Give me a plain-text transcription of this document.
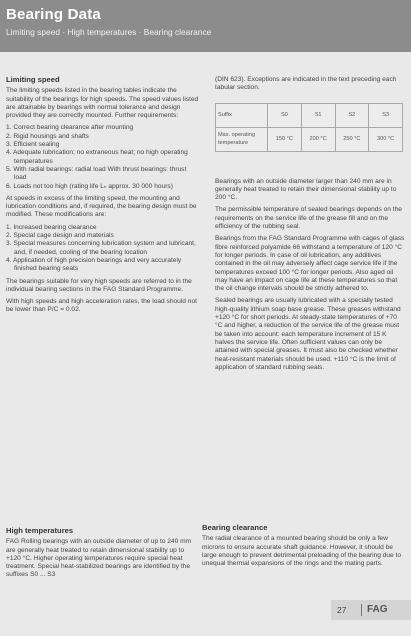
Bearing Data
Limiting speed · High temperatures · Bearing clearance
Limiting speed

The limiting speeds listed in the bearing tables indicate the suitability of the bearings for high speeds. The speed values listed are attainable by bearings with normal tolerance and design provided they are correctly mounted. Further requirements:

1. Correct bearing clearance after mounting
2. Rigid housings and shafts
3. Efficient sealing
4. Adequate lubrication; no extraneous heat; no high operating temperatures
5. With radial bearings: radial load With thrust bearings: thrust load
6. Loads not too high (rating life Lₕ approx. 30 000 hours)

At speeds in excess of the limiting speed, the mounting and lubrication conditions and, if required, the bearing design must be modified. These modifications are:

1. Increased bearing clearance
2. Special cage design and materials
3. Special measures concerning lubrication system and lubricant, and, if needed, cooling of the bearing location
4. Application of high precision bearings and very accurately finished bearing seats

The bearings suitable for very high speeds are referred to in the individual bearing sections in the FAG Standard Programme.

With high speeds and high acceleration rates, the load should not be lower than P/C = 0.02.

(DIN 623). Exceptions are indicated in the text preceding each tabular section.

Suffix	S0	S1	S2	S3
Max. operating temperature	150 °C	200 °C	250 °C	300 °C

Bearings with an outside diameter larger than 240 mm are in generally heat treated to retain their dimensional stability up to 200 °C.

The permissible temperature of sealed bearings depends on the requirements on the service life of the grease fill and on the efficiency of the rubbing seal.

Bearings from the FAG Standard Programme with cages of glass fibre reinforced polyamide 66 withstand a temperature of 120 °C for longer periods. In case of oil lubrication, any additives contained in the oil may adversely affect cage service life if the temperatures exceed 100 °C for longer periods. Also aged oil may have an impact on cage life at these temperatures so that the oil change intervals should be strictly adhered to.

Sealed bearings are usually lubricated with a specially tested high-quality lithium soap base grease. These greases withstand +120 °C for short periods. At steady-state temperatures of +70 °C and higher, a reduction of the service life of the grease must be taken into account: each temperature increment of 15 K halves the service life. Often sufficient values can only be attained with special greases. It must also be checked whether heat-resistant materials should be used. +110 °C is the limit of application of standard rubbing seals.

High temperatures

FAG Rolling bearings with an outside diameter of up to 240 mm are generally heat treated to retain dimensional stability up to +120 °C. Higher operating temperatures require special heat treatment. Special heat-stabilized bearings are identified by the suffixes S0 ... S3

Bearing clearance

The radial clearance of a mounted bearing should be only a few microns to ensure accurate shaft guidance. However, it should be large enough to prevent detrimental preloading of the bearing due to unequal thermal expansions of the rings and the mating parts.

27 FAG
